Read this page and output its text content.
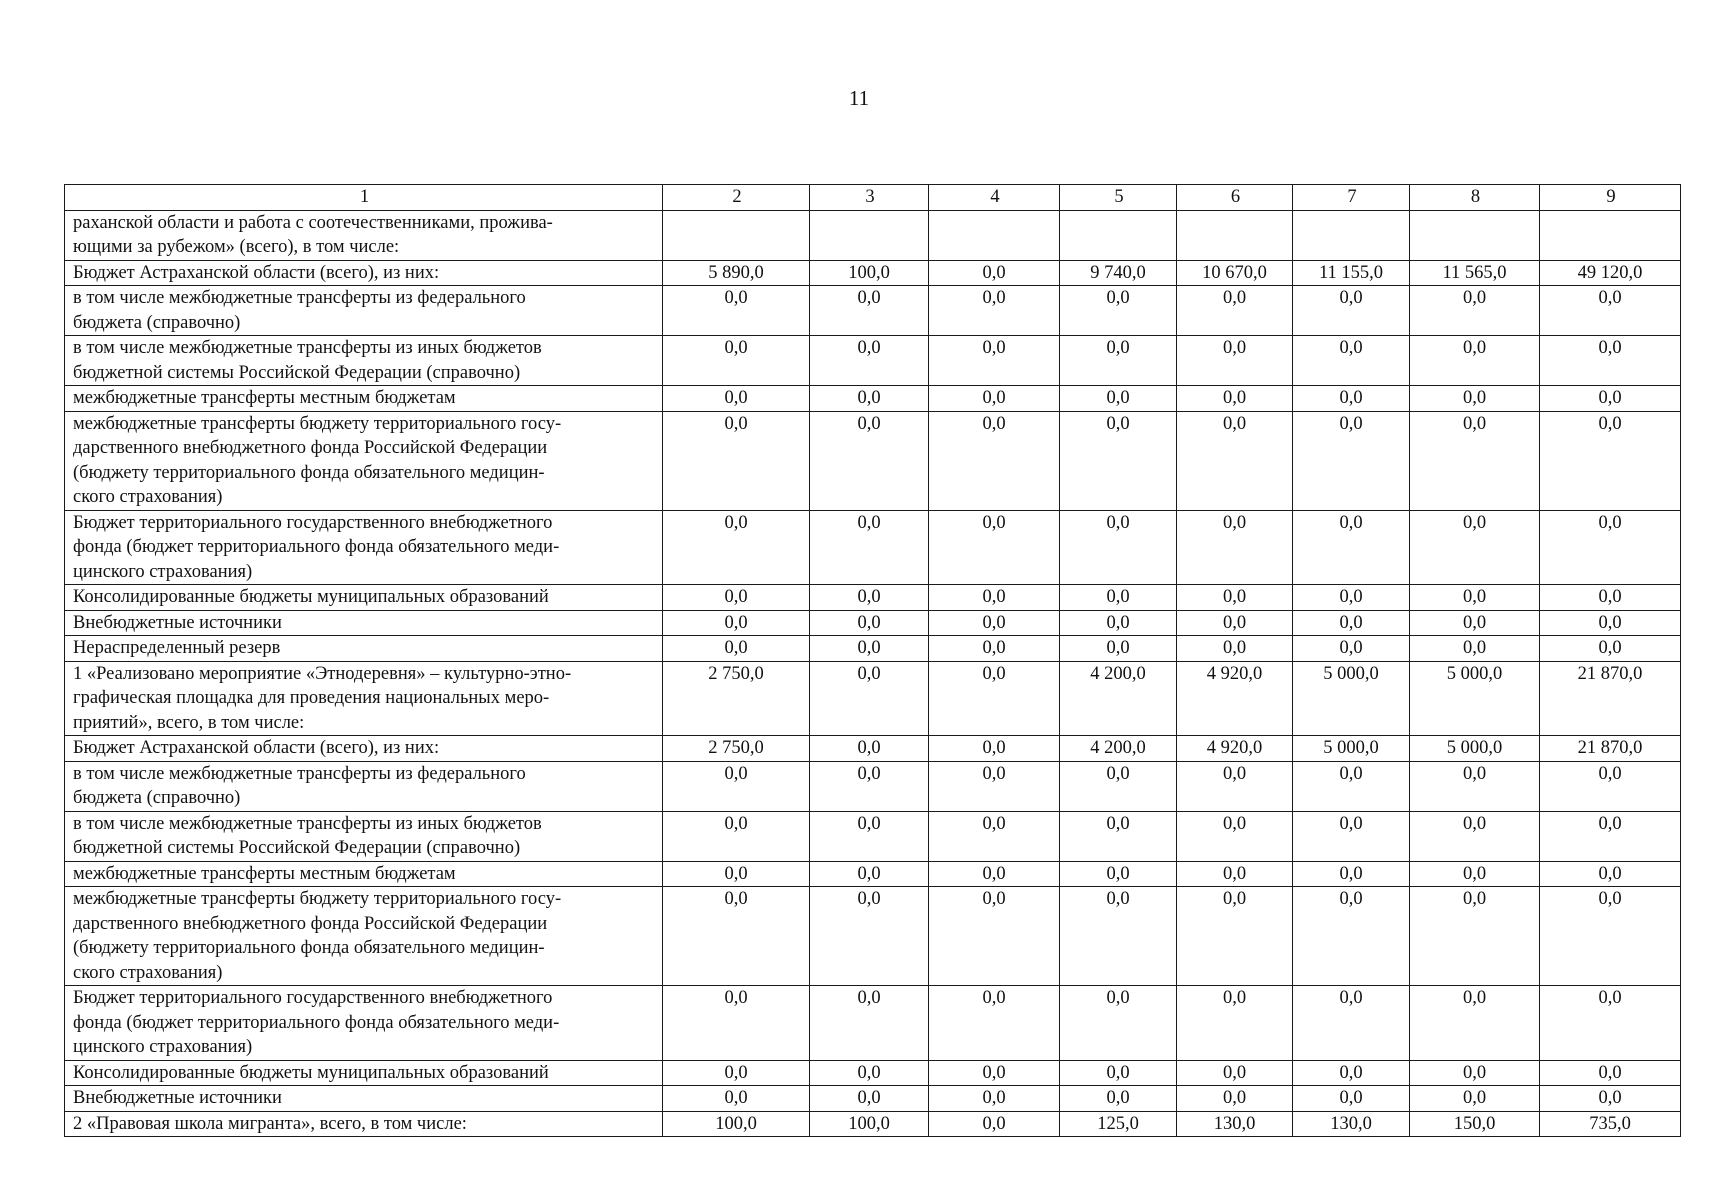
11
1	2	3	4	5	6	7	8	9
раханской области и работа с соотечественниками, прожива-
ющими за рубежом» (всего), в том числе:								
Бюджет Астраханской области (всего), из них:	5 890,0	100,0	0,0	9 740,0	10 670,0	11 155,0	11 565,0	49 120,0
в том числе межбюджетные трансферты из федерального
бюджета (справочно)	0,0	0,0	0,0	0,0	0,0	0,0	0,0	0,0
в том числе межбюджетные трансферты из иных бюджетов
бюджетной системы Российской Федерации (справочно)	0,0	0,0	0,0	0,0	0,0	0,0	0,0	0,0
межбюджетные трансферты местным бюджетам	0,0	0,0	0,0	0,0	0,0	0,0	0,0	0,0
межбюджетные трансферты бюджету территориального госу-
дарственного внебюджетного фонда Российской Федерации
(бюджету территориального фонда обязательного медицин-
ского страхования)	0,0	0,0	0,0	0,0	0,0	0,0	0,0	0,0
Бюджет территориального государственного внебюджетного
фонда (бюджет территориального фонда обязательного меди-
цинского страхования)	0,0	0,0	0,0	0,0	0,0	0,0	0,0	0,0
Консолидированные бюджеты муниципальных образований	0,0	0,0	0,0	0,0	0,0	0,0	0,0	0,0
Внебюджетные источники	0,0	0,0	0,0	0,0	0,0	0,0	0,0	0,0
Нераспределенный резерв	0,0	0,0	0,0	0,0	0,0	0,0	0,0	0,0
1 «Реализовано мероприятие «Этнодеревня» – культурно-этно-
графическая площадка для проведения национальных меро-
приятий», всего, в том числе:	2 750,0	0,0	0,0	4 200,0	4 920,0	5 000,0	5 000,0	21 870,0
Бюджет Астраханской области (всего), из них:	2 750,0	0,0	0,0	4 200,0	4 920,0	5 000,0	5 000,0	21 870,0
в том числе межбюджетные трансферты из федерального
бюджета (справочно)	0,0	0,0	0,0	0,0	0,0	0,0	0,0	0,0
в том числе межбюджетные трансферты из иных бюджетов
бюджетной системы Российской Федерации (справочно)	0,0	0,0	0,0	0,0	0,0	0,0	0,0	0,0
межбюджетные трансферты местным бюджетам	0,0	0,0	0,0	0,0	0,0	0,0	0,0	0,0
межбюджетные трансферты бюджету территориального госу-
дарственного внебюджетного фонда Российской Федерации
(бюджету территориального фонда обязательного медицин-
ского страхования)	0,0	0,0	0,0	0,0	0,0	0,0	0,0	0,0
Бюджет территориального государственного внебюджетного
фонда (бюджет территориального фонда обязательного меди-
цинского страхования)	0,0	0,0	0,0	0,0	0,0	0,0	0,0	0,0
Консолидированные бюджеты муниципальных образований	0,0	0,0	0,0	0,0	0,0	0,0	0,0	0,0
Внебюджетные источники	0,0	0,0	0,0	0,0	0,0	0,0	0,0	0,0
2 «Правовая школа мигранта», всего, в том числе:	100,0	100,0	0,0	125,0	130,0	130,0	150,0	735,0
